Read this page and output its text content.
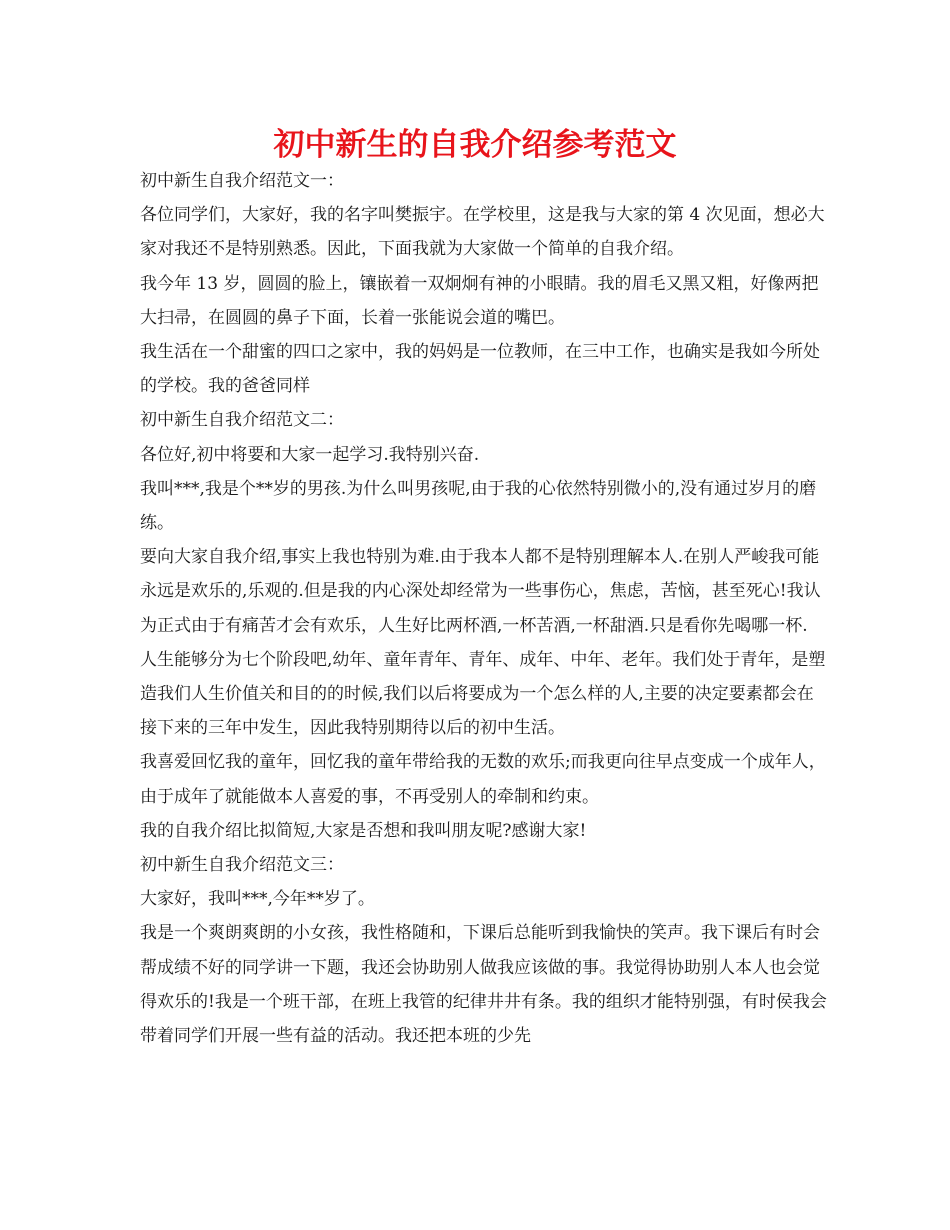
初中新生的自我介绍参考范文

初中新生自我介绍范文一：

各位同学们，大家好，我的名字叫樊振宇。在学校里，这是我与大家的第 4 次见面，想必大家对我还不是特别熟悉。因此，下面我就为大家做一个简单的自我介绍。

我今年 13 岁，圆圆的脸上，镶嵌着一双炯炯有神的小眼睛。我的眉毛又黑又粗，好像两把大扫帚，在圆圆的鼻子下面，长着一张能说会道的嘴巴。

我生活在一个甜蜜的四口之家中，我的妈妈是一位教师，在三中工作，也确实是我如今所处的学校。我的爸爸同样

初中新生自我介绍范文二：

各位好,初中将要和大家一起学习.我特别兴奋.

我叫***,我是个**岁的男孩.为什么叫男孩呢,由于我的心依然特别微小的,没有通过岁月的磨练。

要向大家自我介绍,事实上我也特别为难.由于我本人都不是特别理解本人.在别人严峻我可能永远是欢乐的,乐观的.但是我的内心深处却经常为一些事伤心，焦虑，苦恼，甚至死心!我认为正式由于有痛苦才会有欢乐，人生好比两杯酒,一杯苦酒,一杯甜酒.只是看你先喝哪一杯.

人生能够分为七个阶段吧,幼年、童年青年、青年、成年、中年、老年。我们处于青年，是塑造我们人生价值关和目的的时候,我们以后将要成为一个怎么样的人,主要的决定要素都会在接下来的三年中发生，因此我特别期待以后的初中生活。

我喜爱回忆我的童年，回忆我的童年带给我的无数的欢乐;而我更向往早点变成一个成年人，由于成年了就能做本人喜爱的事，不再受别人的牵制和约束。

我的自我介绍比拟简短,大家是否想和我叫朋友呢?感谢大家!

初中新生自我介绍范文三：

大家好，我叫***,今年**岁了。

我是一个爽朗爽朗的小女孩，我性格随和，下课后总能听到我愉快的笑声。我下课后有时会帮成绩不好的同学讲一下题，我还会协助别人做我应该做的事。我觉得协助别人本人也会觉得欢乐的!我是一个班干部，在班上我管的纪律井井有条。我的组织才能特别强，有时侯我会带着同学们开展一些有益的活动。我还把本班的少先
